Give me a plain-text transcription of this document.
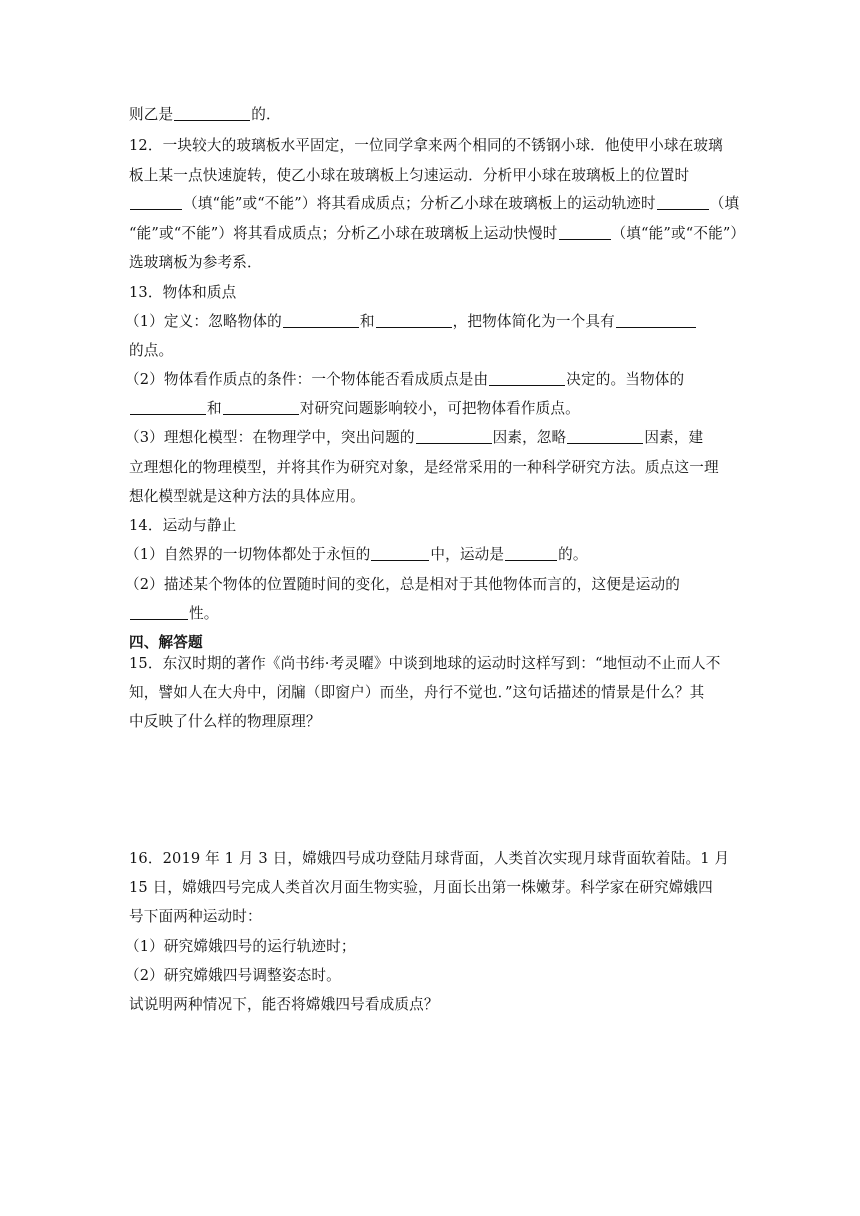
则乙是	的．
12．一块较大的玻璃板水平固定，一位同学拿来两个相同的不锈钢小球．他使甲小球在玻璃
板上某一点快速旋转，使乙小球在玻璃板上匀速运动．分析甲小球在玻璃板上的位置时
（填“能”或“不能”）将其看成质点；分析乙小球在玻璃板上的运动轨迹时	（填
“能”或“不能”）将其看成质点；分析乙小球在玻璃板上运动快慢时	（填“能”或“不能”）
选玻璃板为参考系．
13．物体和质点
（1）定义：忽略物体的	和	，把物体简化为一个具有
的点。
（2）物体看作质点的条件：一个物体能否看成质点是由	决定的。当物体的
和	对研究问题影响较小，可把物体看作质点。
（3）理想化模型：在物理学中，突出问题的	因素，忽略	因素，建
立理想化的物理模型，并将其作为研究对象，是经常采用的一种科学研究方法。质点这一理
想化模型就是这种方法的具体应用。
14．运动与静止
（1）自然界的一切物体都处于永恒的	中，运动是	的。
（2）描述某个物体的位置随时间的变化，总是相对于其他物体而言的，这便是运动的
性。
四、解答题
15．东汉时期的著作《尚书纬·考灵曜》中谈到地球的运动时这样写到：“地恒动不止而人不
知，譬如人在大舟中，闭牖（即窗户）而坐，舟行不觉也．”这句话描述的情景是什么？其
中反映了什么样的物理原理？
16．2019 年 1 月 3 日，嫦娥四号成功登陆月球背面，人类首次实现月球背面软着陆。1 月
15 日，嫦娥四号完成人类首次月面生物实验，月面长出第一株嫩芽。科学家在研究嫦娥四
号下面两种运动时：
（1）研究嫦娥四号的运行轨迹时；
（2）研究嫦娥四号调整姿态时。
试说明两种情况下，能否将嫦娥四号看成质点？
